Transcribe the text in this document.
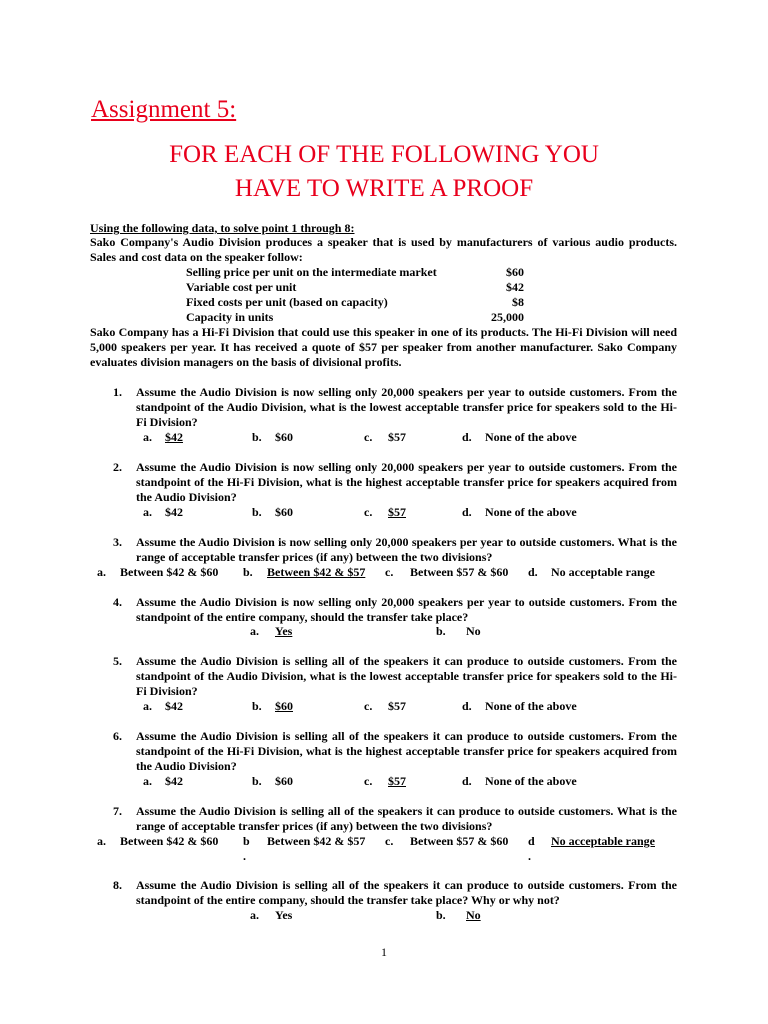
Assignment 5:
FOR EACH OF THE FOLLOWING YOU
HAVE TO WRITE A PROOF
Using the following data, to solve point 1 through 8:
Sako Company's Audio Division produces a speaker that is used by manufacturers of various audio products. Sales and cost data on the speaker follow:
Selling price per unit on the intermediate market	$60
Variable cost per unit	$42
Fixed costs per unit (based on capacity)	$8
Capacity in units	25,000
Sako Company has a Hi-Fi Division that could use this speaker in one of its products. The Hi-Fi Division will need 5,000 speakers per year. It has received a quote of $57 per speaker from another manufacturer. Sako Company evaluates division managers on the basis of divisional profits.
1. Assume the Audio Division is now selling only 20,000 speakers per year to outside customers. From the standpoint of the Audio Division, what is the lowest acceptable transfer price for speakers sold to the Hi-Fi Division?
a. $42	b. $60	c. $57	d. None of the above
2. Assume the Audio Division is now selling only 20,000 speakers per year to outside customers. From the standpoint of the Hi-Fi Division, what is the highest acceptable transfer price for speakers acquired from the Audio Division?
a. $42	b. $60	c. $57	d. None of the above
3. Assume the Audio Division is now selling only 20,000 speakers per year to outside customers. What is the range of acceptable transfer prices (if any) between the two divisions?
a. Between $42 & $60 b. Between $42 & $57 c. Between $57 & $60 d. No acceptable range
4. Assume the Audio Division is now selling only 20,000 speakers per year to outside customers. From the standpoint of the entire company, should the transfer take place?
a. Yes	b. No
5. Assume the Audio Division is selling all of the speakers it can produce to outside customers. From the standpoint of the Audio Division, what is the lowest acceptable transfer price for speakers sold to the Hi-Fi Division?
a. $42	b. $60	c. $57	d. None of the above
6. Assume the Audio Division is selling all of the speakers it can produce to outside customers. From the standpoint of the Hi-Fi Division, what is the highest acceptable transfer price for speakers acquired from the Audio Division?
a. $42	b. $60	c. $57	d. None of the above
7. Assume the Audio Division is selling all of the speakers it can produce to outside customers. What is the range of acceptable transfer prices (if any) between the two divisions?
a. Between $42 & $60 b
.
Between $42 & $57 c. Between $57 & $60 d
.
No acceptable range
8. Assume the Audio Division is selling all of the speakers it can produce to outside customers. From the standpoint of the entire company, should the transfer take place? Why or why not?
a. Yes	b. No
1
